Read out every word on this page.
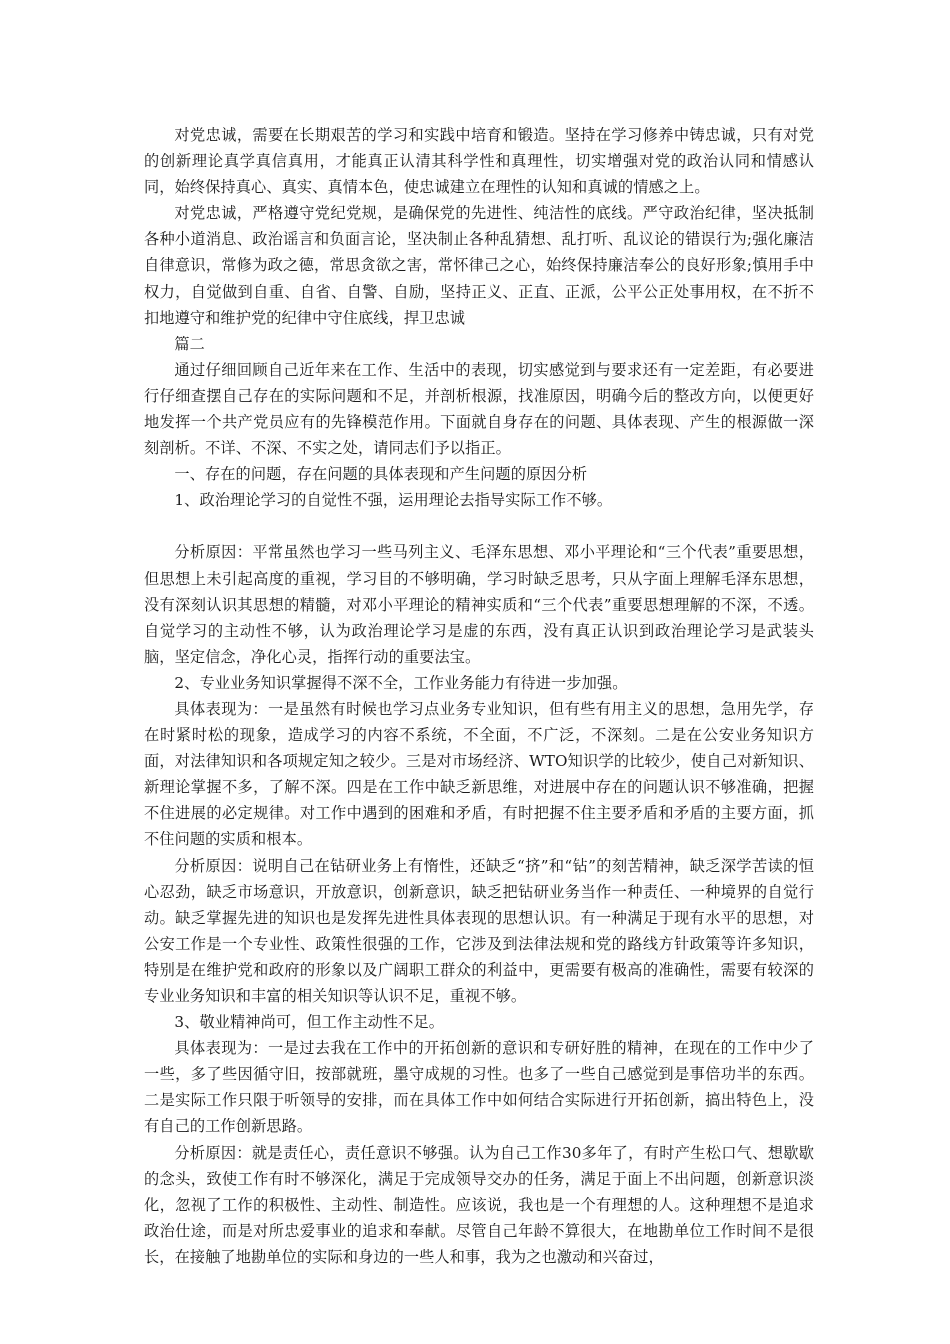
对党忠诚，需要在长期艰苦的学习和实践中培育和锻造。坚持在学习修养中铸忠诚，只有对党的创新理论真学真信真用，才能真正认清其科学性和真理性，切实增强对党的政治认同和情感认同，始终保持真心、真实、真情本色，使忠诚建立在理性的认知和真诚的情感之上。

对党忠诚，严格遵守党纪党规，是确保党的先进性、纯洁性的底线。严守政治纪律，坚决抵制各种小道消息、政治谣言和负面言论，坚决制止各种乱猜想、乱打听、乱议论的错误行为;强化廉洁自律意识，常修为政之德，常思贪欲之害，常怀律己之心，始终保持廉洁奉公的良好形象;慎用手中权力，自觉做到自重、自省、自警、自励，坚持正义、正直、正派，公平公正处事用权，在不折不扣地遵守和维护党的纪律中守住底线，捍卫忠诚

篇二

通过仔细回顾自己近年来在工作、生活中的表现，切实感觉到与要求还有一定差距，有必要进行仔细查摆自己存在的实际问题和不足，并剖析根源，找准原因，明确今后的整改方向，以便更好地发挥一个共产党员应有的先锋模范作用。下面就自身存在的问题、具体表现、产生的根源做一深刻剖析。不详、不深、不实之处，请同志们予以指正。

一、存在的问题，存在问题的具体表现和产生问题的原因分析

1、政治理论学习的自觉性不强，运用理论去指导实际工作不够。

分析原因：平常虽然也学习一些马列主义、毛泽东思想、邓小平理论和“三个代表”重要思想，但思想上未引起高度的重视，学习目的不够明确，学习时缺乏思考，只从字面上理解毛泽东思想，没有深刻认识其思想的精髓，对邓小平理论的精神实质和“三个代表”重要思想理解的不深，不透。自觉学习的主动性不够，认为政治理论学习是虚的东西，没有真正认识到政治理论学习是武装头脑，坚定信念，净化心灵，指挥行动的重要法宝。

2、专业业务知识掌握得不深不全，工作业务能力有待进一步加强。

具体表现为：一是虽然有时候也学习点业务专业知识，但有些有用主义的思想，急用先学，存在时紧时松的现象，造成学习的内容不系统，不全面，不广泛，不深刻。二是在公安业务知识方面，对法律知识和各项规定知之较少。三是对市场经济、WTO知识学的比较少，使自己对新知识、新理论掌握不多，了解不深。四是在工作中缺乏新思维，对进展中存在的问题认识不够准确，把握不住进展的必定规律。对工作中遇到的困难和矛盾，有时把握不住主要矛盾和矛盾的主要方面，抓不住问题的实质和根本。

分析原因：说明自己在钻研业务上有惰性，还缺乏“挤”和“钻”的刻苦精神，缺乏深学苦读的恒心忍劲，缺乏市场意识，开放意识，创新意识，缺乏把钻研业务当作一种责任、一种境界的自觉行动。缺乏掌握先进的知识也是发挥先进性具体表现的思想认识。有一种满足于现有水平的思想，对公安工作是一个专业性、政策性很强的工作，它涉及到法律法规和党的路线方针政策等许多知识，特别是在维护党和政府的形象以及广阔职工群众的利益中，更需要有极高的准确性，需要有较深的专业业务知识和丰富的相关知识等认识不足，重视不够。

3、敬业精神尚可，但工作主动性不足。

具体表现为：一是过去我在工作中的开拓创新的意识和专研好胜的精神，在现在的工作中少了一些，多了些因循守旧，按部就班，墨守成规的习性。也多了一些自己感觉到是事倍功半的东西。二是实际工作只限于听领导的安排，而在具体工作中如何结合实际进行开拓创新，搞出特色上，没有自己的工作创新思路。

分析原因：就是责任心，责任意识不够强。认为自己工作30多年了，有时产生松口气、想歇歇的念头，致使工作有时不够深化，满足于完成领导交办的任务，满足于面上不出问题，创新意识淡化，忽视了工作的积极性、主动性、制造性。应该说，我也是一个有理想的人。这种理想不是追求政治仕途，而是对所忠爱事业的追求和奉献。尽管自己年龄不算很大，在地勘单位工作时间不是很长，在接触了地勘单位的实际和身边的一些人和事，我为之也激动和兴奋过，
